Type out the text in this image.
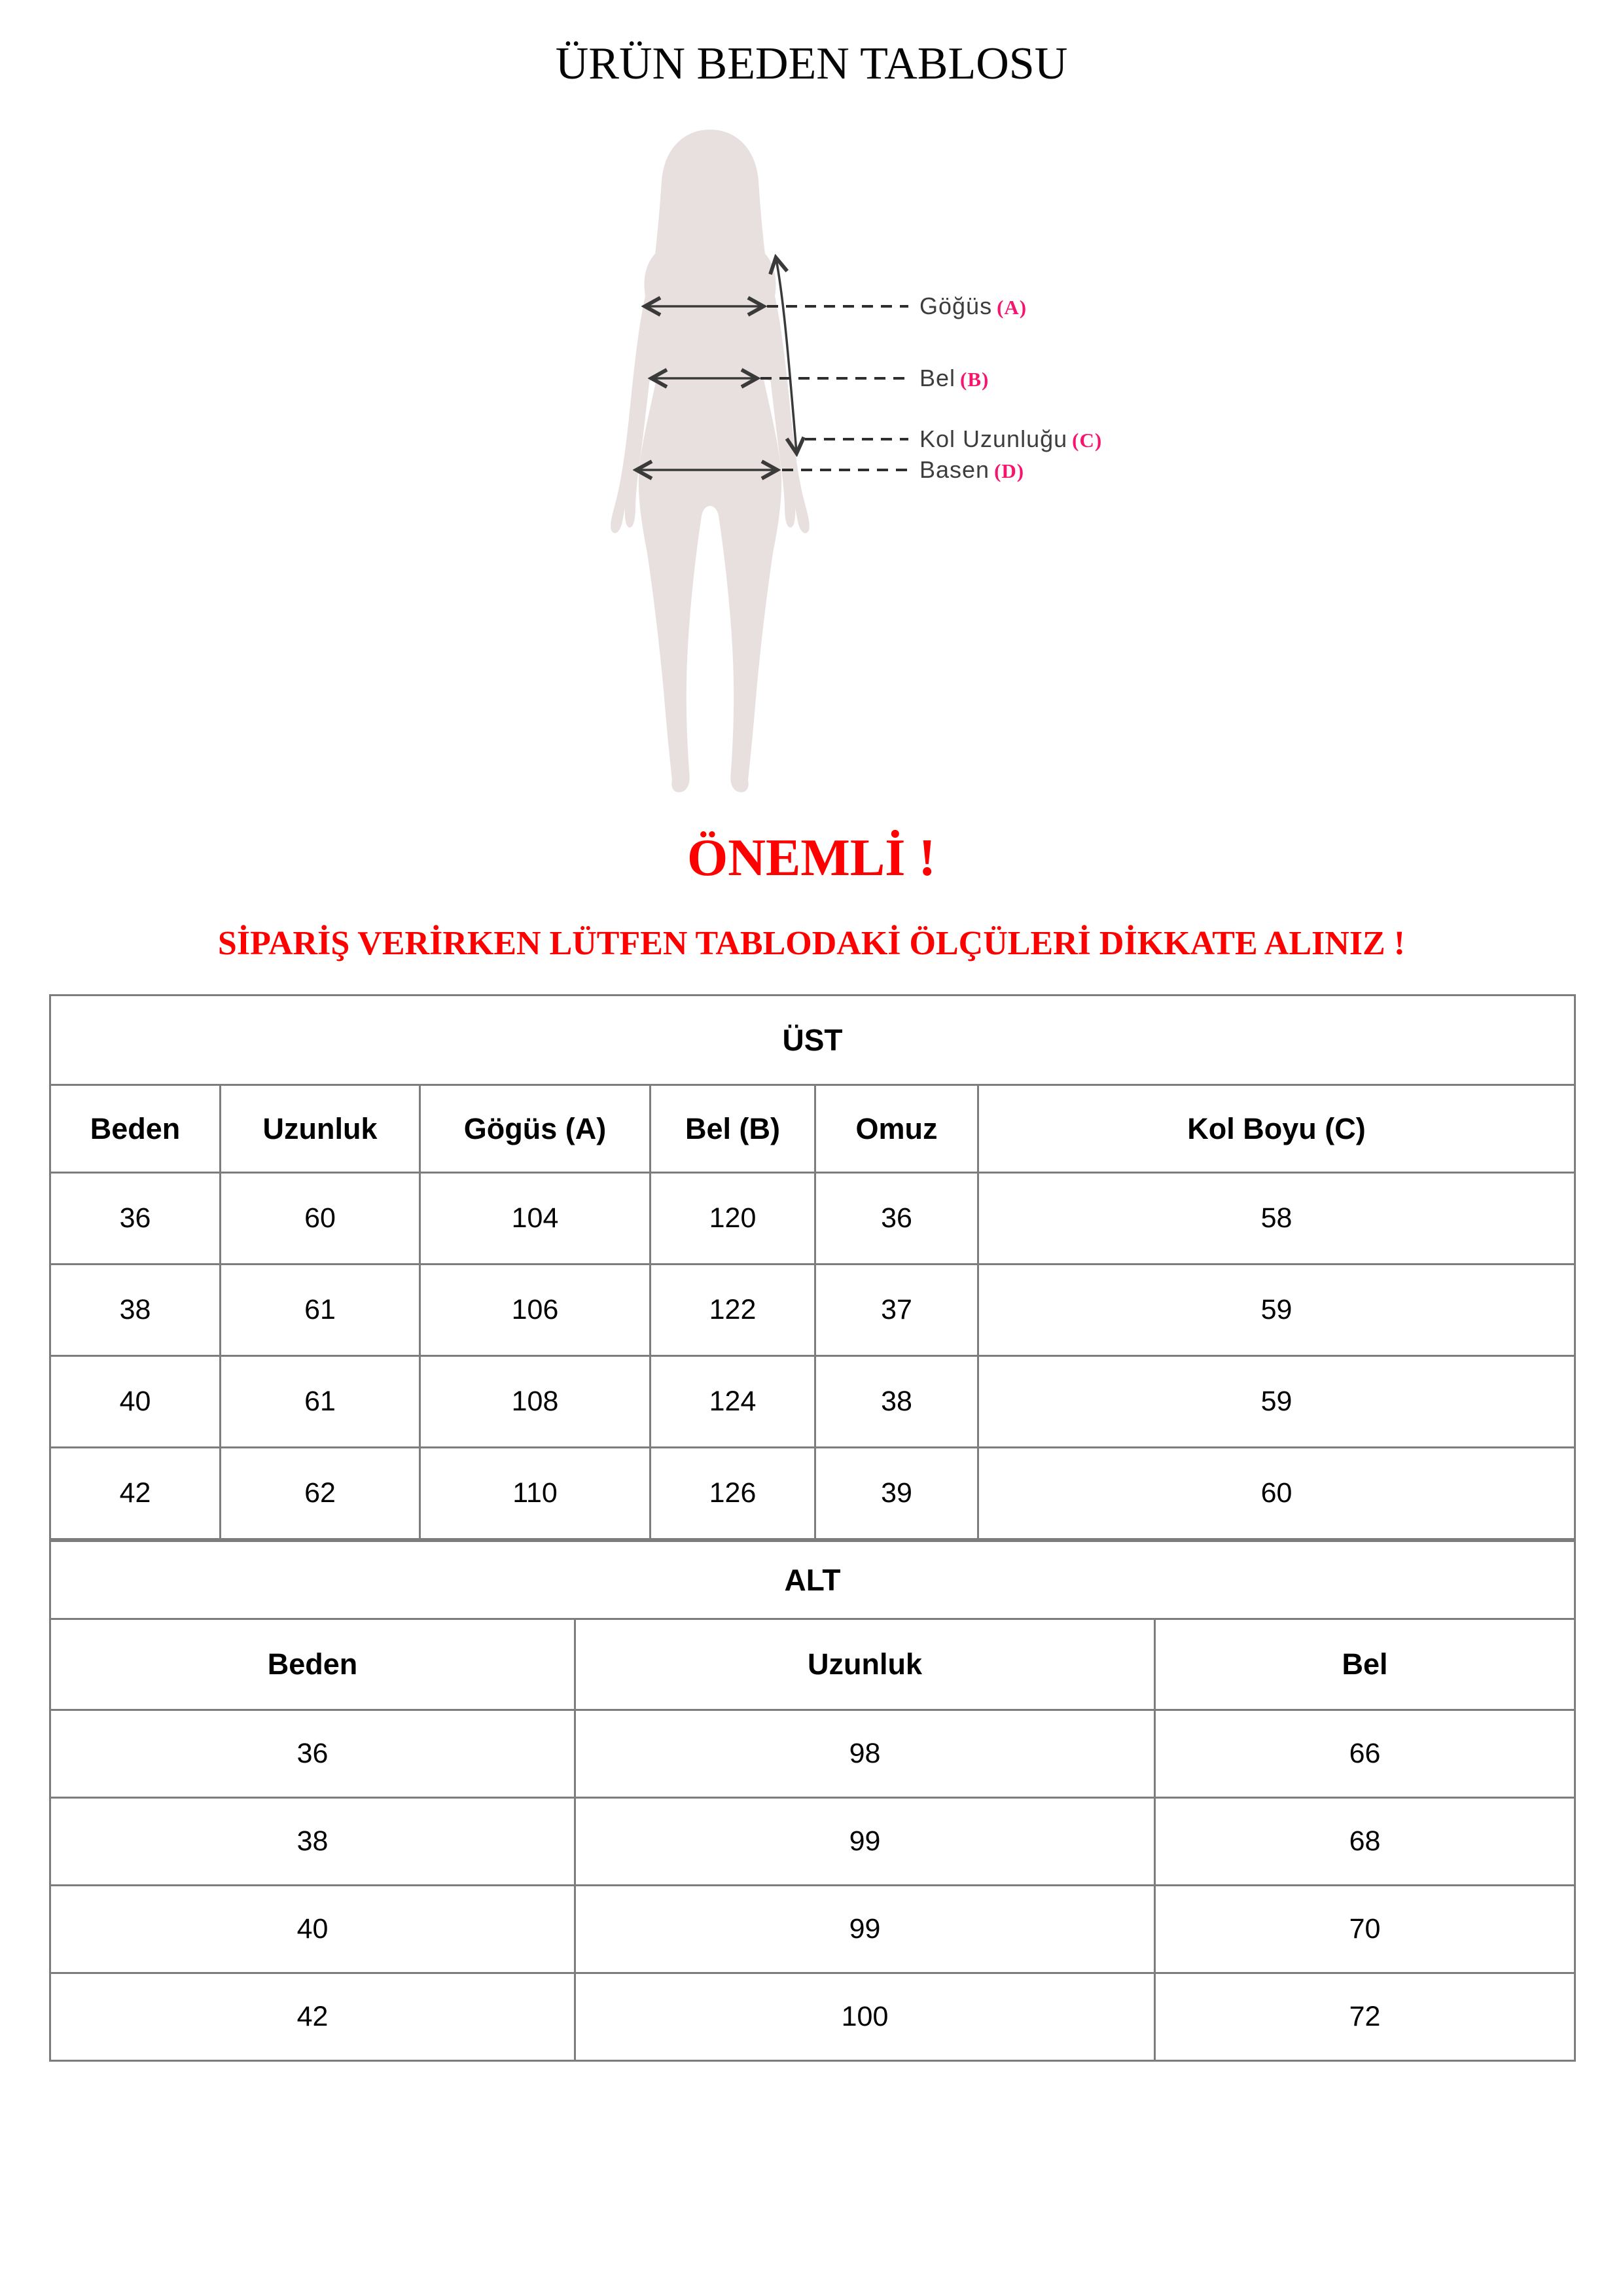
ÜRÜN BEDEN TABLOSU
Göğüs (A)
Bel (B)
Kol Uzunluğu (C)
Basen (D)
ÖNEMLİ !
SİPARİŞ VERİRKEN LÜTFEN TABLODAKİ ÖLÇÜLERİ DİKKATE ALINIZ !
ÜST					
Beden	Uzunluk	Gögüs (A)	Bel (B)	Omuz	Kol Boyu (C)
36	60	104	120	36	58
38	61	106	122	37	59
40	61	108	124	38	59
42	62	110	126	39	60
ALT		
Beden	Uzunluk	Bel
36	98	66
38	99	68
40	99	70
42	100	72
